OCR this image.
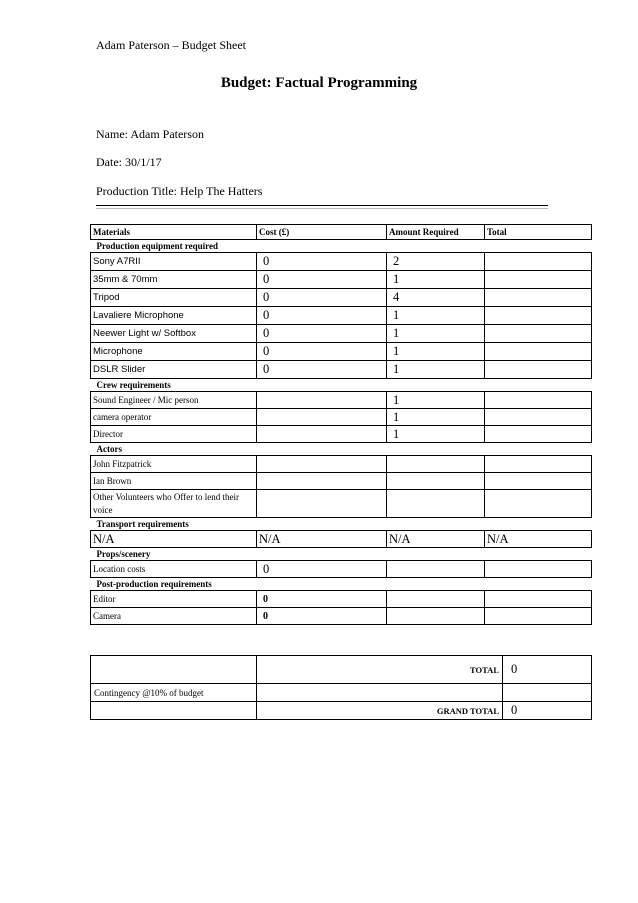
Adam Paterson – Budget Sheet
Budget: Factual Programming
Name: Adam Paterson
Date: 30/1/17
Production Title: Help The Hatters
Materials	Cost (£)	Amount Required	Total
Production equipment required			
Sony A7RII	0	2	
35mm & 70mm	0	1	
Tripod	0	4	
Lavaliere Microphone	0	1	
Neewer Light w/ Softbox	0	1	
Microphone	0	1	
DSLR Slider	0	1	
Crew requirements			
Sound Engineer / Mic person		1	
camera operator		1	
Director		1	
Actors			
John Fitzpatrick			
Ian Brown			
Other Volunteers who Offer to lend their voice			
Transport requirements			
N/A	N/A	N/A	N/A
Props/scenery			
Location costs	0		
Post-production requirements			
Editor	0		
Camera	0		
	TOTAL	0
Contingency @10% of budget		
	GRAND TOTAL	0
